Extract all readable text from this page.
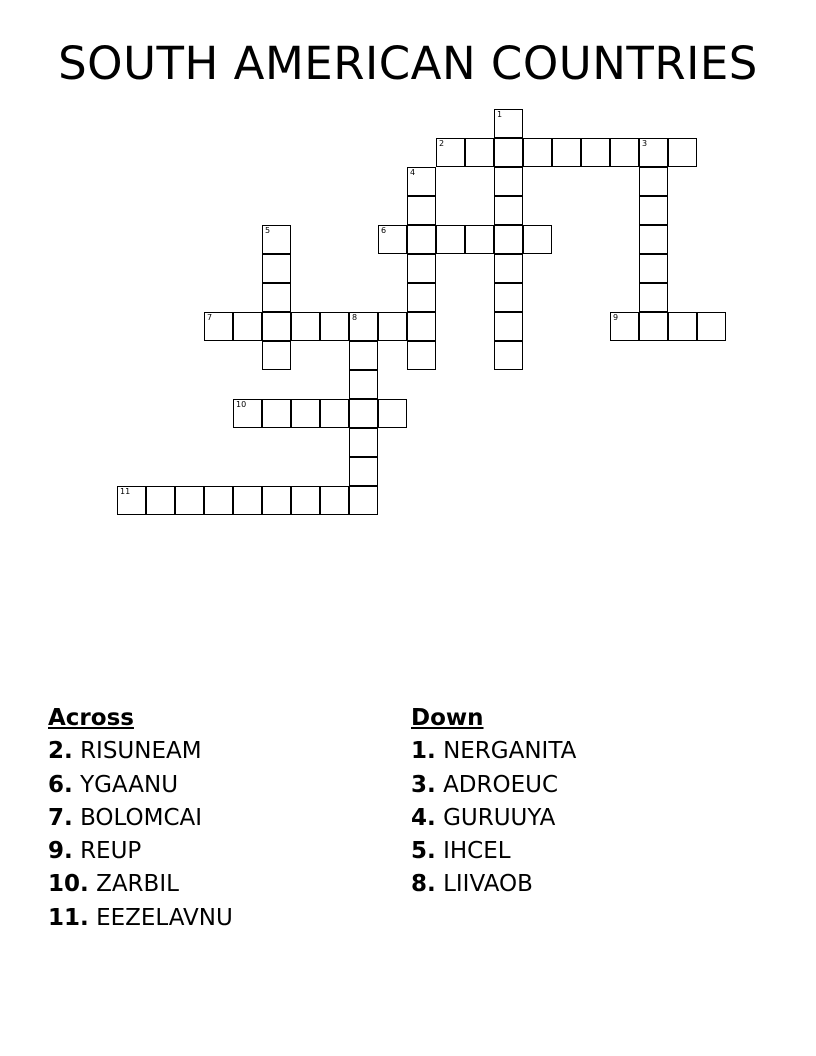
SOUTH AMERICAN COUNTRIES
1
2	3
4
5	6
7	8	9
10
11
Across
2. RISUNEAM
6. YGAANU
7. BOLOMCAI
9. REUP
10. ZARBIL
11. EEZELAVNU
Down
1. NERGANITA
3. ADROEUC
4. GURUUYA
5. IHCEL
8. LIIVAOB
